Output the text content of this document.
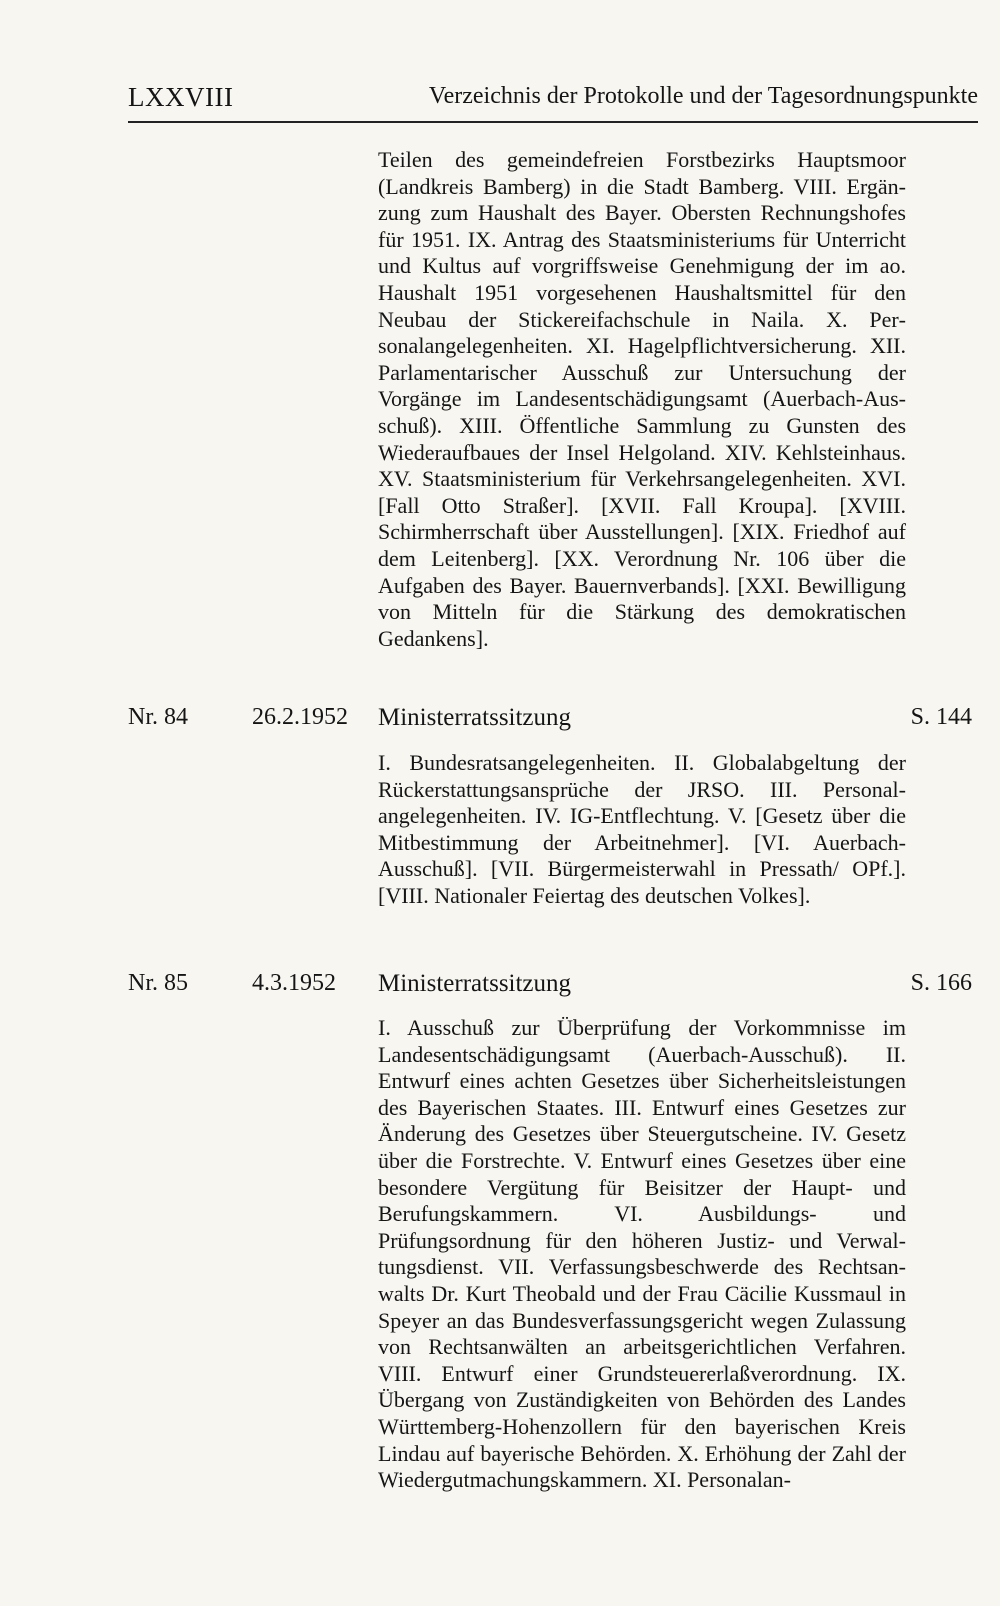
LXXVIII	Verzeichnis der Protokolle und der Tagesordnungspunkte

Teilen des gemeindefreien Forstbezirks Hauptsmoor (Landkreis Bamberg) in die Stadt Bamberg. VIII. Ergänzung zum Haushalt des Bayer. Obersten Rechnungshofes für 1951. IX. Antrag des Staatsministeriums für Unterricht und Kultus auf vorgriffsweise Genehmigung der im ao. Haushalt 1951 vorgesehenen Haushaltsmittel für den Neubau der Stickereifachschule in Naila. X. Personalangelegenheiten. XI. Hagelpflichtversicherung. XII. Parlamentarischer Ausschuß zur Untersuchung der Vorgänge im Landesentschädigungsamt (Auerbach-Ausschuß). XIII. Öffentliche Sammlung zu Gunsten des Wiederaufbaues der Insel Helgoland. XIV. Kehlsteinhaus. XV. Staatsministerium für Verkehrsangelegenheiten. XVI. [Fall Otto Straßer]. [XVII. Fall Kroupa]. [XVIII. Schirmherrschaft über Ausstellungen]. [XIX. Friedhof auf dem Leitenberg]. [XX. Verordnung Nr. 106 über die Aufgaben des Bayer. Bauernverbands]. [XXI. Bewilligung von Mitteln für die Stärkung des demokratischen Gedankens].

Nr. 84	26.2.1952 Ministerratssitzung	S. 144

I. Bundesratsangelegenheiten. II. Globalabgeltung der Rückerstattungsansprüche der JRSO. III. Personalangelegenheiten. IV. IG-Entflechtung. V. [Gesetz über die Mitbestimmung der Arbeitnehmer]. [VI. Auerbach-Ausschuß]. [VII. Bürgermeisterwahl in Pressath/ OPf.]. [VIII. Nationaler Feiertag des deutschen Volkes].

Nr. 85	4.3.1952 Ministerratssitzung	S. 166

I. Ausschuß zur Überprüfung der Vorkommnisse im Landesentschädigungsamt (Auerbach-Ausschuß). II. Entwurf eines achten Gesetzes über Sicherheitsleistungen des Bayerischen Staates. III. Entwurf eines Gesetzes zur Änderung des Gesetzes über Steuergutscheine. IV. Gesetz über die Forstrechte. V. Entwurf eines Gesetzes über eine besondere Vergütung für Beisitzer der Haupt- und Berufungskammern. VI. Ausbildungs- und Prüfungsordnung für den höheren Justiz- und Verwaltungsdienst. VII. Verfassungsbeschwerde des Rechtsanwalts Dr. Kurt Theobald und der Frau Cäcilie Kussmaul in Speyer an das Bundesverfassungsgericht wegen Zulassung von Rechtsanwälten an arbeitsgerichtlichen Verfahren. VIII. Entwurf einer Grundsteuererlaßverordnung. IX. Übergang von Zuständigkeiten von Behörden des Landes Württemberg-Hohenzollern für den bayerischen Kreis Lindau auf bayerische Behörden. X. Erhöhung der Zahl der Wiedergutmachungskammern. XI. Personalan-
